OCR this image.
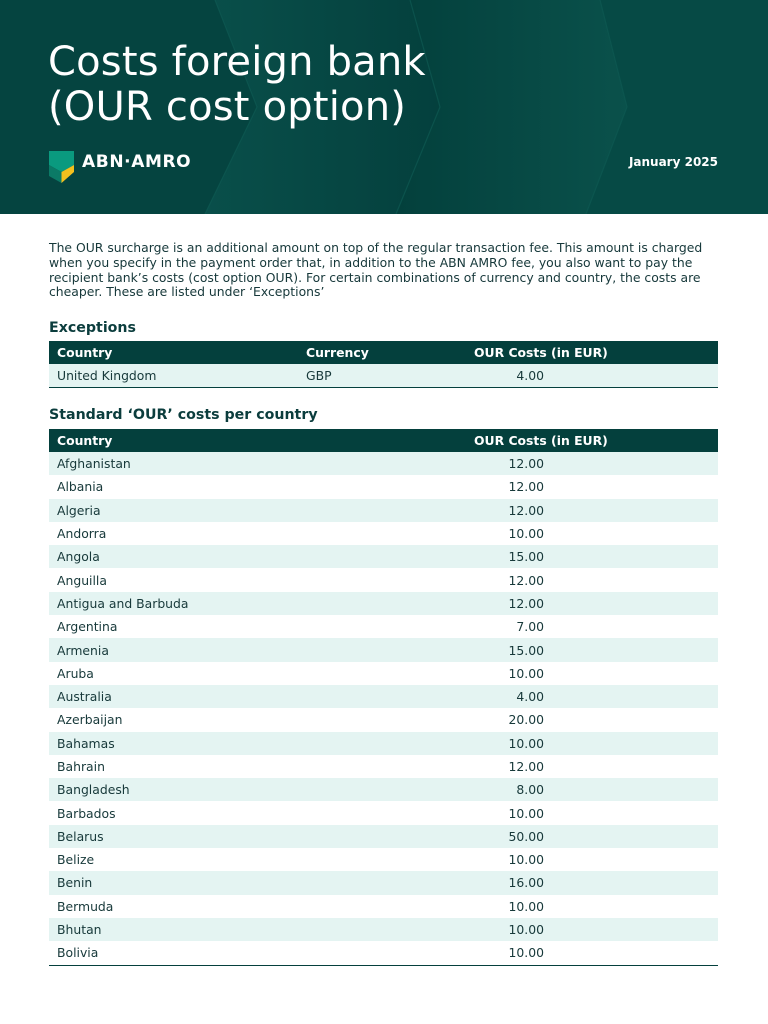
Costs foreign bank
(OUR cost option)
ABN·AMRO	January 2025

The OUR surcharge is an additional amount on top of the regular transaction fee. This amount is charged when you specify in the payment order that, in addition to the ABN AMRO fee, you also want to pay the recipient bank’s costs (cost option OUR). For certain combinations of currency and country, the costs are cheaper. These are listed under ‘Exceptions’

Exceptions
Country	Currency	OUR Costs (in EUR)
United Kingdom	GBP	4.00
Standard ‘OUR’ costs per country
Country	OUR Costs (in EUR)
Afghanistan	12.00
Albania	12.00
Algeria	12.00
Andorra	10.00
Angola	15.00
Anguilla	12.00
Antigua and Barbuda	12.00
Argentina	7.00
Armenia	15.00
Aruba	10.00
Australia	4.00
Azerbaijan	20.00
Bahamas	10.00
Bahrain	12.00
Bangladesh	8.00
Barbados	10.00
Belarus	50.00
Belize	10.00
Benin	16.00
Bermuda	10.00
Bhutan	10.00
Bolivia	10.00
